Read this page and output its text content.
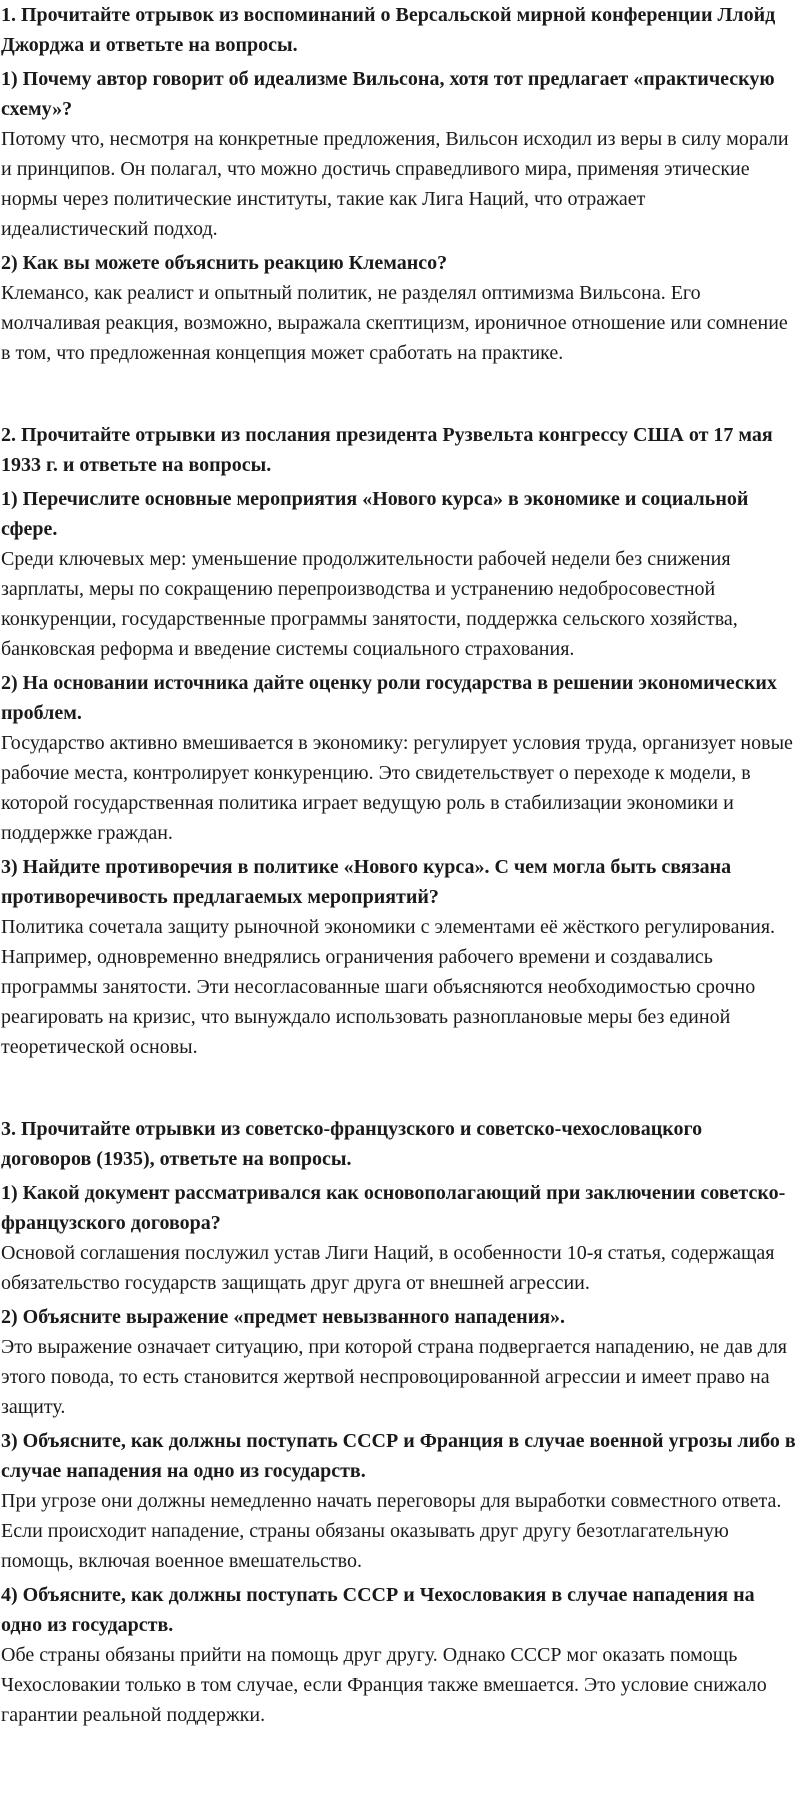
1. Прочитайте отрывок из воспоминаний о Версальской мирной конференции Ллойд Джорджа и ответьте на вопросы.

1) Почему автор говорит об идеализме Вильсона, хотя тот предлагает «практическую схему»?

Потому что, несмотря на конкретные предложения, Вильсон исходил из веры в силу морали и принципов. Он полагал, что можно достичь справедливого мира, применяя этические нормы через политические институты, такие как Лига Наций, что отражает идеалистический подход.

2) Как вы можете объяснить реакцию Клемансо?

Клемансо, как реалист и опытный политик, не разделял оптимизма Вильсона. Его молчаливая реакция, возможно, выражала скептицизм, ироничное отношение или сомнение в том, что предложенная концепция может сработать на практике.

2. Прочитайте отрывки из послания президента Рузвельта конгрессу США от 17 мая 1933 г. и ответьте на вопросы.

1) Перечислите основные мероприятия «Нового курса» в экономике и социальной сфере.

Среди ключевых мер: уменьшение продолжительности рабочей недели без снижения зарплаты, меры по сокращению перепроизводства и устранению недобросовестной конкуренции, государственные программы занятости, поддержка сельского хозяйства, банковская реформа и введение системы социального страхования.

2) На основании источника дайте оценку роли государства в решении экономических проблем.

Государство активно вмешивается в экономику: регулирует условия труда, организует новые рабочие места, контролирует конкуренцию. Это свидетельствует о переходе к модели, в которой государственная политика играет ведущую роль в стабилизации экономики и поддержке граждан.

3) Найдите противоречия в политике «Нового курса». С чем могла быть связана противоречивость предлагаемых мероприятий?

Политика сочетала защиту рыночной экономики с элементами её жёсткого регулирования. Например, одновременно внедрялись ограничения рабочего времени и создавались программы занятости. Эти несогласованные шаги объясняются необходимостью срочно реагировать на кризис, что вынуждало использовать разноплановые меры без единой теоретической основы.

3. Прочитайте отрывки из советско-французского и советско-чехословацкого договоров (1935), ответьте на вопросы.

1) Какой документ рассматривался как основополагающий при заключении советско-французского договора?

Основой соглашения послужил устав Лиги Наций, в особенности 10-я статья, содержащая обязательство государств защищать друг друга от внешней агрессии.

2) Объясните выражение «предмет невызванного нападения».

Это выражение означает ситуацию, при которой страна подвергается нападению, не дав для этого повода, то есть становится жертвой неспровоцированной агрессии и имеет право на защиту.

3) Объясните, как должны поступать СССР и Франция в случае военной угрозы либо в случае нападения на одно из государств.

При угрозе они должны немедленно начать переговоры для выработки совместного ответа. Если происходит нападение, страны обязаны оказывать друг другу безотлагательную помощь, включая военное вмешательство.

4) Объясните, как должны поступать СССР и Чехословакия в случае нападения на одно из государств.

Обе страны обязаны прийти на помощь друг другу. Однако СССР мог оказать помощь Чехословакии только в том случае, если Франция также вмешается. Это условие снижало гарантии реальной поддержки.
